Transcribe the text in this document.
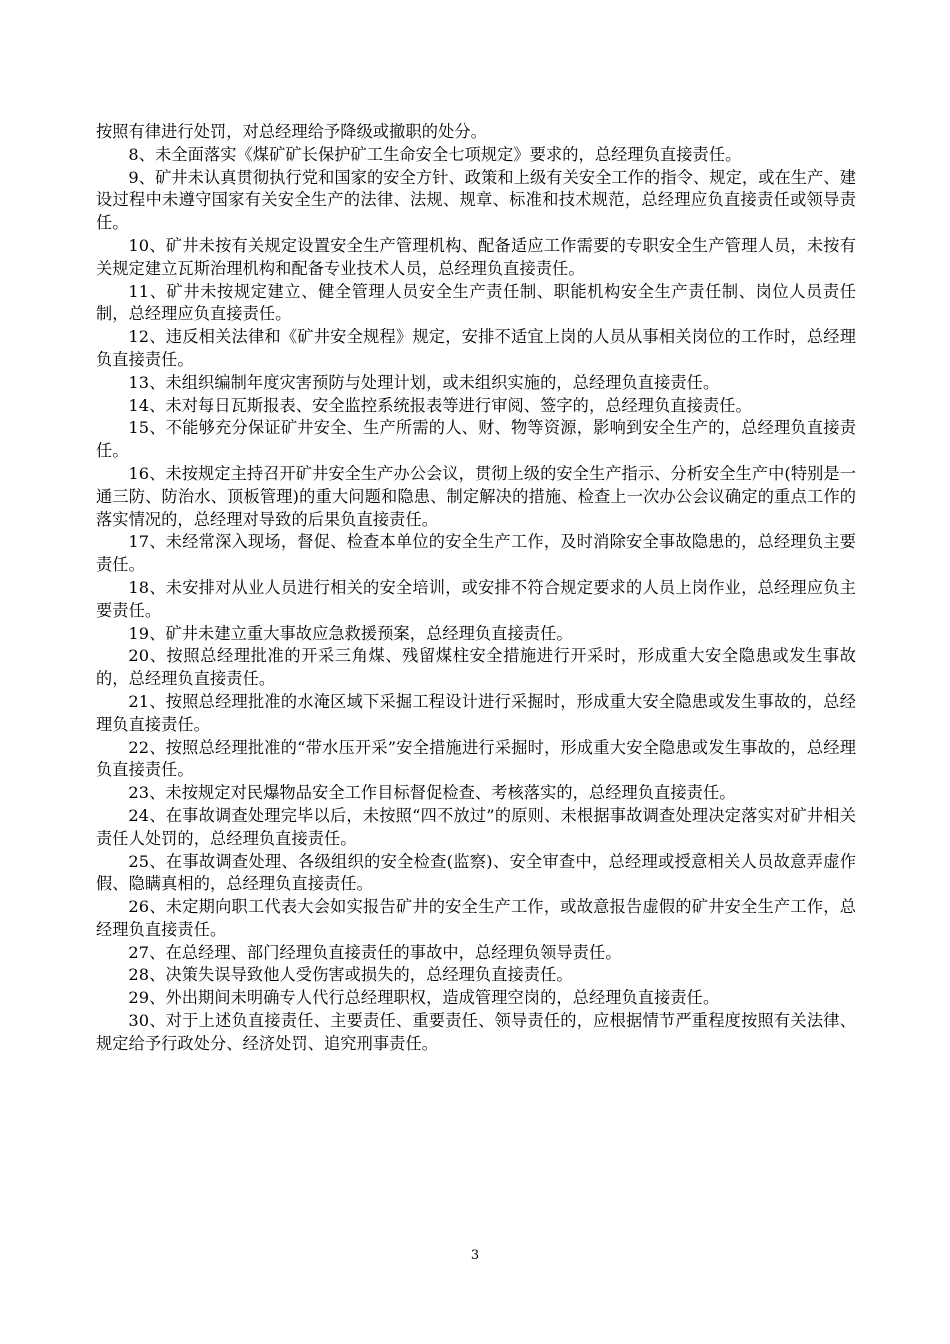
按照有律进行处罚，对总经理给予降级或撤职的处分。

8、未全面落实《煤矿矿长保护矿工生命安全七项规定》要求的，总经理负直接责任。

9、矿井未认真贯彻执行党和国家的安全方针、政策和上级有关安全工作的指令、规定，或在生产、建设过程中未遵守国家有关安全生产的法律、法规、规章、标准和技术规范，总经理应负直接责任或领导责任。

10、矿井未按有关规定设置安全生产管理机构、配备适应工作需要的专职安全生产管理人员，未按有关规定建立瓦斯治理机构和配备专业技术人员，总经理负直接责任。

11、矿井未按规定建立、健全管理人员安全生产责任制、职能机构安全生产责任制、岗位人员责任制，总经理应负直接责任。

12、违反相关法律和《矿井安全规程》规定，安排不适宜上岗的人员从事相关岗位的工作时，总经理负直接责任。

13、未组织编制年度灾害预防与处理计划，或未组织实施的，总经理负直接责任。

14、未对每日瓦斯报表、安全监控系统报表等进行审阅、签字的，总经理负直接责任。

15、不能够充分保证矿井安全、生产所需的人、财、物等资源，影响到安全生产的，总经理负直接责任。

16、未按规定主持召开矿井安全生产办公会议，贯彻上级的安全生产指示、分析安全生产中(特别是一通三防、防治水、顶板管理)的重大问题和隐患、制定解决的措施、检查上一次办公会议确定的重点工作的落实情况的，总经理对导致的后果负直接责任。

17、未经常深入现场，督促、检查本单位的安全生产工作，及时消除安全事故隐患的，总经理负主要责任。

18、未安排对从业人员进行相关的安全培训，或安排不符合规定要求的人员上岗作业，总经理应负主要责任。

19、矿井未建立重大事故应急救援预案，总经理负直接责任。

20、按照总经理批准的开采三角煤、残留煤柱安全措施进行开采时，形成重大安全隐患或发生事故的，总经理负直接责任。

21、按照总经理批准的水淹区域下采掘工程设计进行采掘时，形成重大安全隐患或发生事故的，总经理负直接责任。

22、按照总经理批准的“带水压开采”安全措施进行采掘时，形成重大安全隐患或发生事故的，总经理负直接责任。

23、未按规定对民爆物品安全工作目标督促检查、考核落实的，总经理负直接责任。

24、在事故调查处理完毕以后，未按照“四不放过”的原则、未根据事故调查处理决定落实对矿井相关责任人处罚的，总经理负直接责任。

25、在事故调查处理、各级组织的安全检查(监察)、安全审查中，总经理或授意相关人员故意弄虚作假、隐瞒真相的，总经理负直接责任。

26、未定期向职工代表大会如实报告矿井的安全生产工作，或故意报告虚假的矿井安全生产工作，总经理负直接责任。

27、在总经理、部门经理负直接责任的事故中，总经理负领导责任。

28、决策失误导致他人受伤害或损失的，总经理负直接责任。

29、外出期间未明确专人代行总经理职权，造成管理空岗的，总经理负直接责任。

30、对于上述负直接责任、主要责任、重要责任、领导责任的，应根据情节严重程度按照有关法律、规定给予行政处分、经济处罚、追究刑事责任。

3
